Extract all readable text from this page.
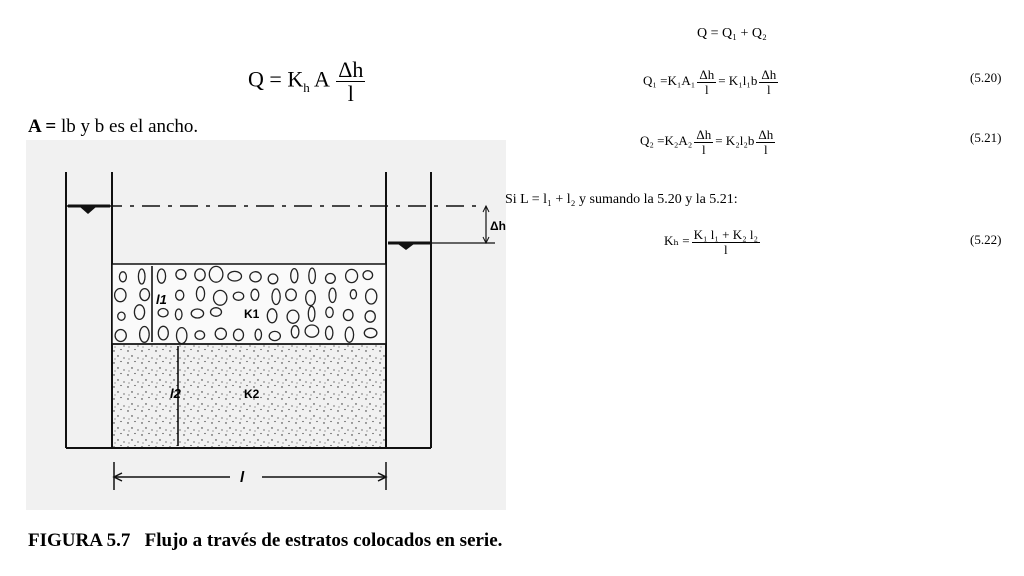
$Q = K_h$ A $\frac{\Delta h}{l}$
A = lb y b es el ancho.
Δh
l1
K1
l2	K2
l
FIGURA 5.7   Flujo a través de estratos colocados en serie.
Q = Q₁ + Q₂
$Q_1 =K_1A_1 \frac{\Delta h}{l} = K_1l_1b \frac{\Delta h}{l}$	(5.20)
$Q_2 =K_2A_2 \frac{\Delta h}{l} = K_2l_2b \frac{\Delta h}{l}$	(5.21)
Si L = l₁ + l₂ y sumando la 5.20 y la 5.21:
$K_h = \frac{\text{K₁ l₁ + K₂ l₂}}{l}$	(5.22)
